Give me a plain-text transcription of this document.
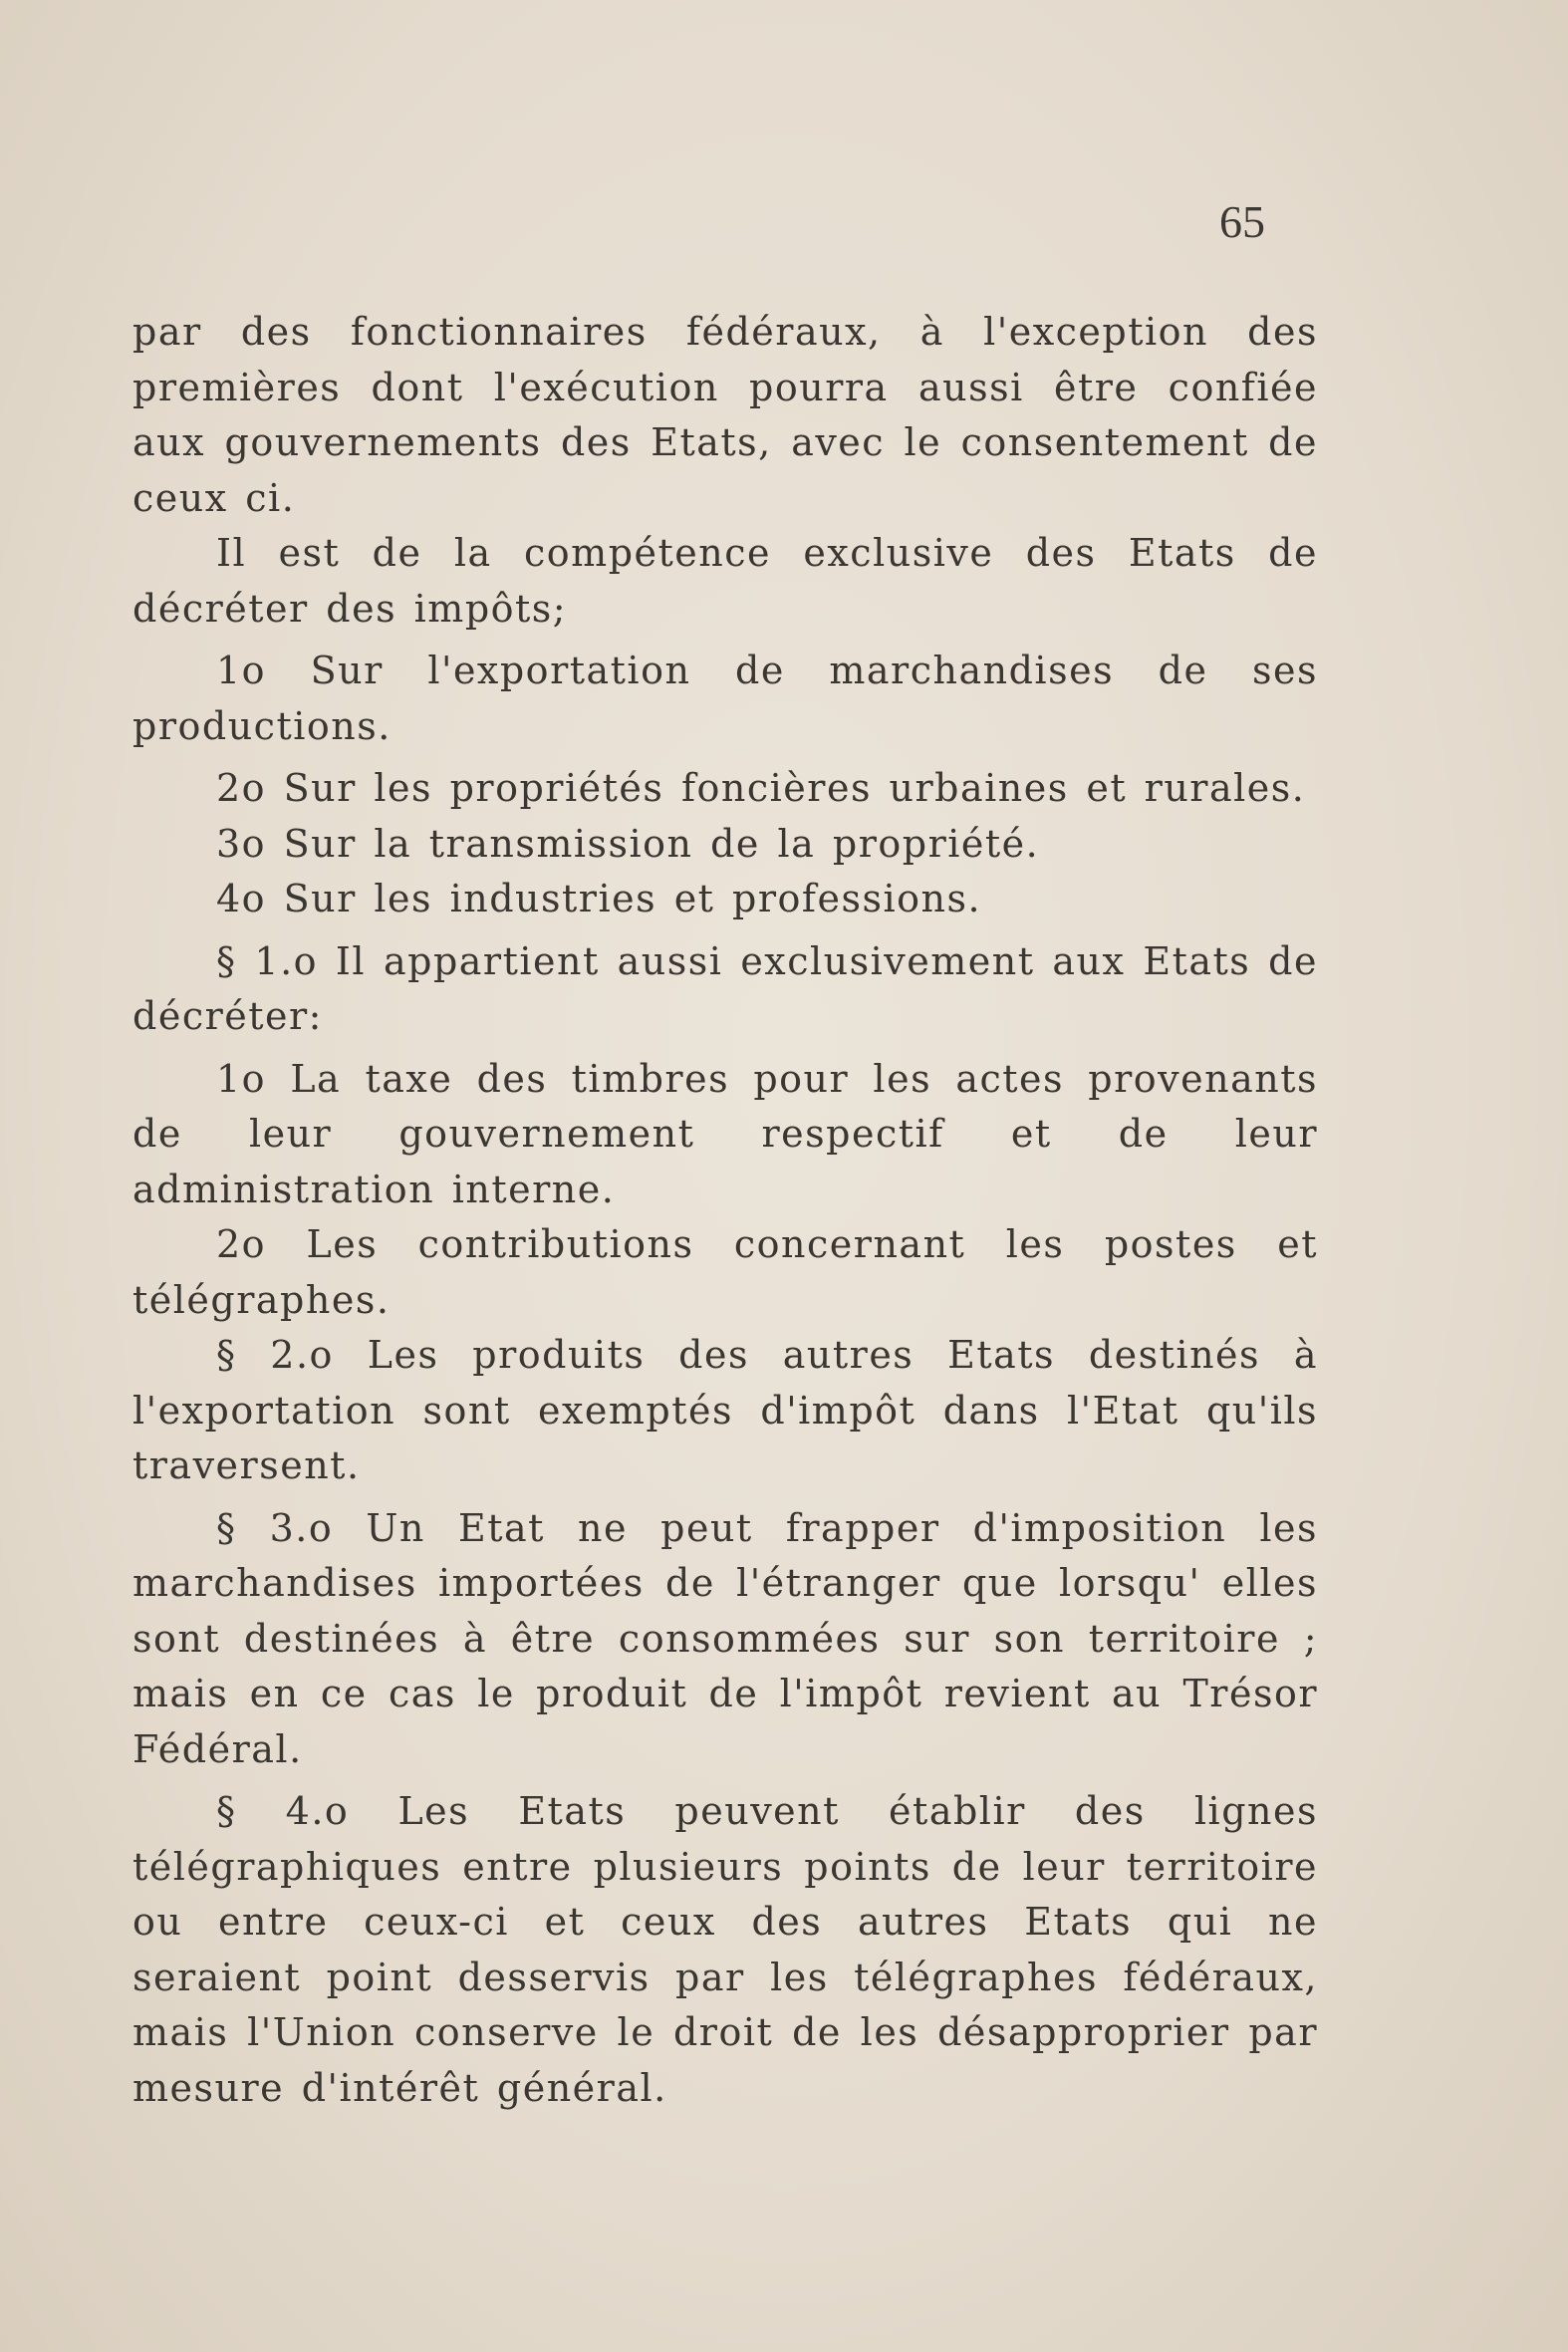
65

par des fonctionnaires fédéraux, à l'exception des premières dont l'exécution pourra aussi être confiée aux gouvernements des Etats, avec le consentement de ceux ci.

Il est de la compétence exclusive des Etats de décréter des impôts;

1o Sur l'exportation de marchandises de ses productions.

2o Sur les propriétés foncières urbaines et rurales.

3o Sur la transmission de la propriété.

4o Sur les industries et professions.

§ 1.o Il appartient aussi exclusivement aux Etats de décréter:

1o La taxe des timbres pour les actes provenants de leur gouvernement respectif et de leur administration interne.

2o Les contributions concernant les postes et télégraphes.

§ 2.o Les produits des autres Etats destinés à l'exportation sont exemptés d'impôt dans l'Etat qu'ils traversent.

§ 3.o Un Etat ne peut frapper d'imposition les marchandises importées de l'étranger que lorsqu' elles sont destinées à être consommées sur son territoire ; mais en ce cas le produit de l'impôt revient au Trésor Fédéral.

§ 4.o Les Etats peuvent établir des lignes télégraphiques entre plusieurs points de leur territoire ou entre ceux-ci et ceux des autres Etats qui ne seraient point desservis par les télégraphes fédéraux, mais l'Union conserve le droit de les désapproprier par mesure d'intérêt général.
